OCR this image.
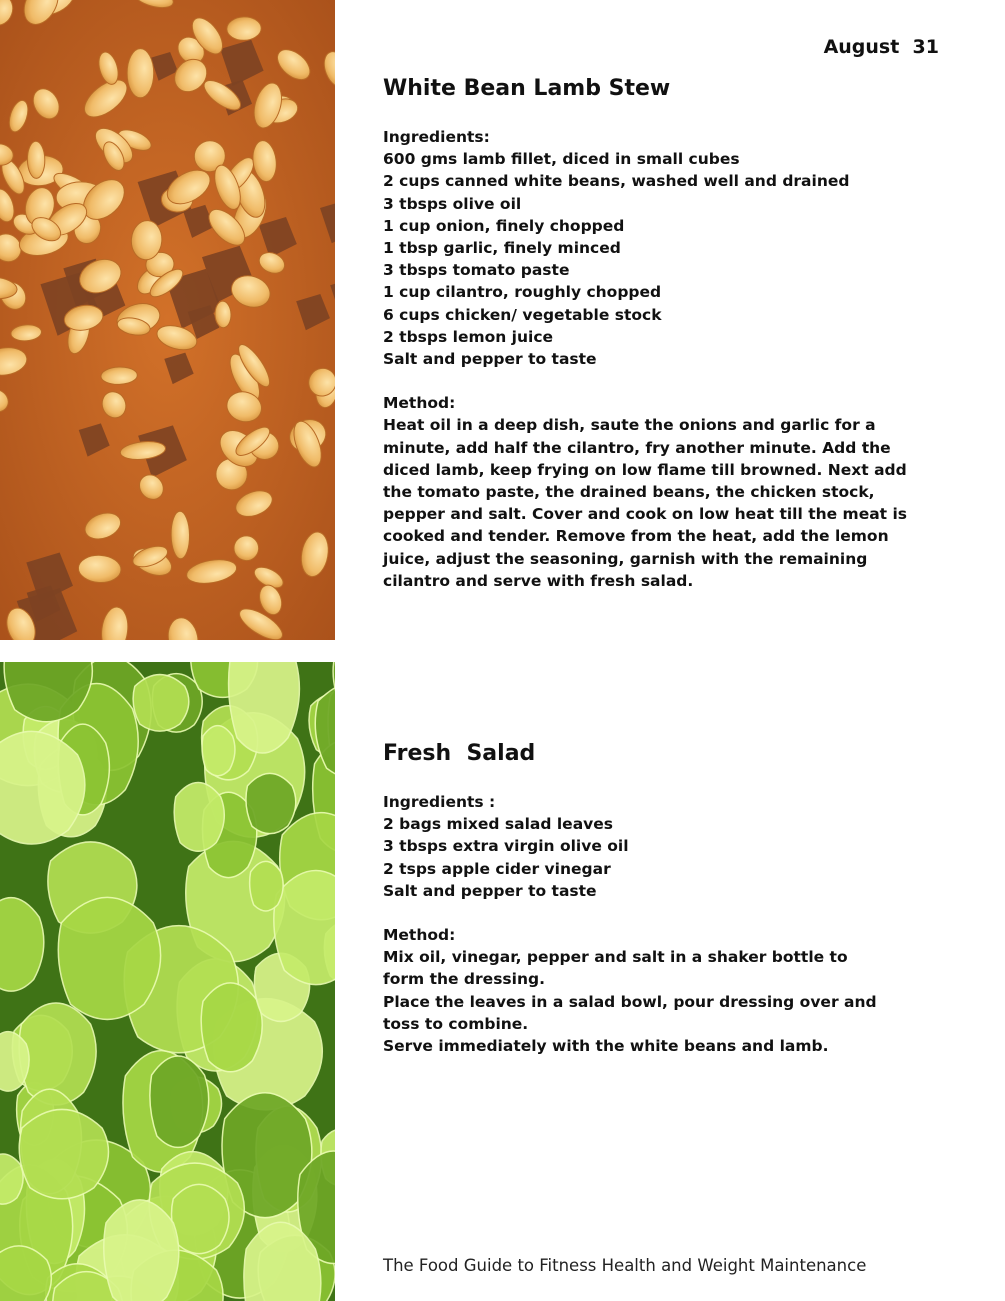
August  31
White Bean Lamb Stew
Ingredients:
600 gms lamb fillet, diced in small cubes
2 cups canned white beans, washed well and drained
3 tbsps olive oil
1 cup onion, finely chopped
1 tbsp garlic, finely minced
3 tbsps tomato paste
1 cup cilantro, roughly chopped
6 cups chicken/ vegetable stock
2 tbsps lemon juice
Salt and pepper to taste
Method:
Heat oil in a deep dish, saute the onions and garlic for a minute, add half the cilantro, fry another minute. Add the diced lamb, keep frying on low flame till browned. Next add the tomato paste, the drained beans, the chicken stock, pepper and salt. Cover and cook on low heat till the meat is cooked and tender. Remove from the heat, add the lemon juice, adjust the seasoning, garnish with the remaining cilantro and serve with fresh salad.
Fresh  Salad
Ingredients :
2 bags mixed salad leaves
3 tbsps extra virgin olive oil
2 tsps apple cider vinegar
Salt and pepper to taste
Method:
Mix oil, vinegar, pepper and salt in a shaker bottle to form the dressing.
Place the leaves in a salad bowl, pour dressing over and toss to combine.
Serve immediately with the white beans and lamb.
The Food Guide to Fitness Health and Weight Maintenance
